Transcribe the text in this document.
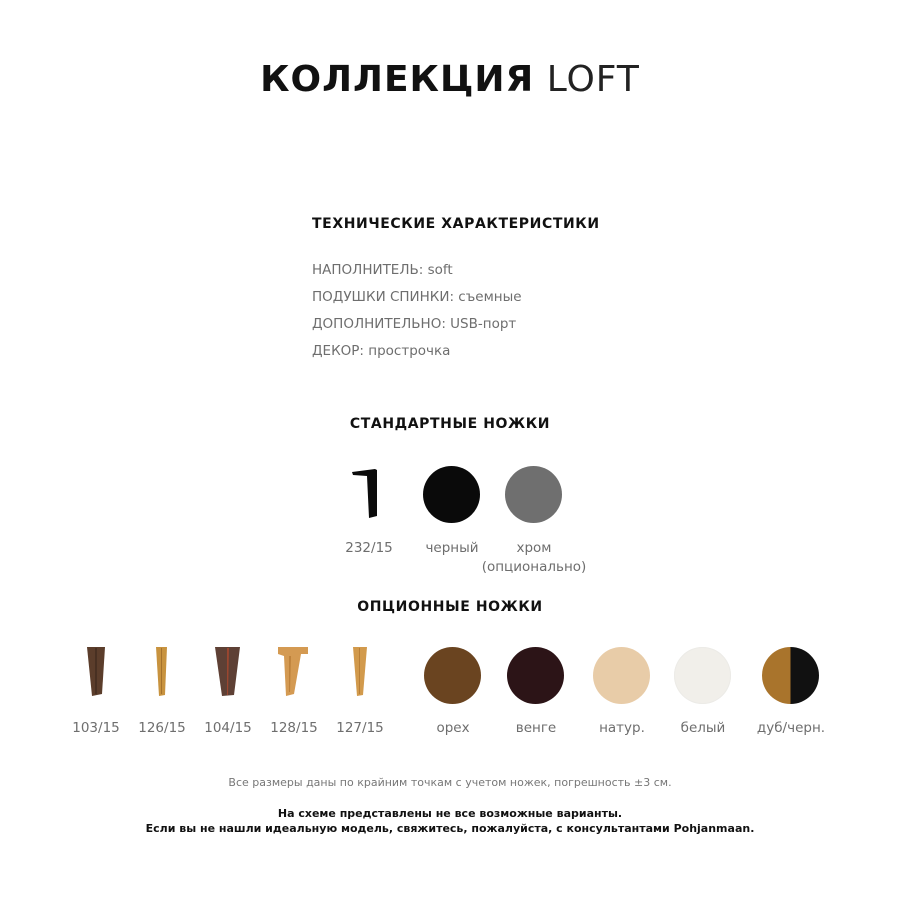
КОЛЛЕКЦИЯ LOFT
ТЕХНИЧЕСКИЕ ХАРАКТЕРИСТИКИ
НАПОЛНИТЕЛЬ: soft
ПОДУШКИ СПИНКИ: съемные
ДОПОЛНИТЕЛЬНО: USB-порт
ДЕКОР: прострочка
СТАНДАРТНЫЕ НОЖКИ
232/15	черный	хром
(опционально)
ОПЦИОННЫЕ НОЖКИ
103/15	126/15	104/15	128/15	127/15	орех	венге	натур.	белый	дуб/черн.
Все размеры даны по крайним точкам с учетом ножек, погрешность ±3 см.
На схеме представлены не все возможные варианты.
Если вы не нашли идеальную модель, свяжитесь, пожалуйста, с консультантами Pohjanmaan.
